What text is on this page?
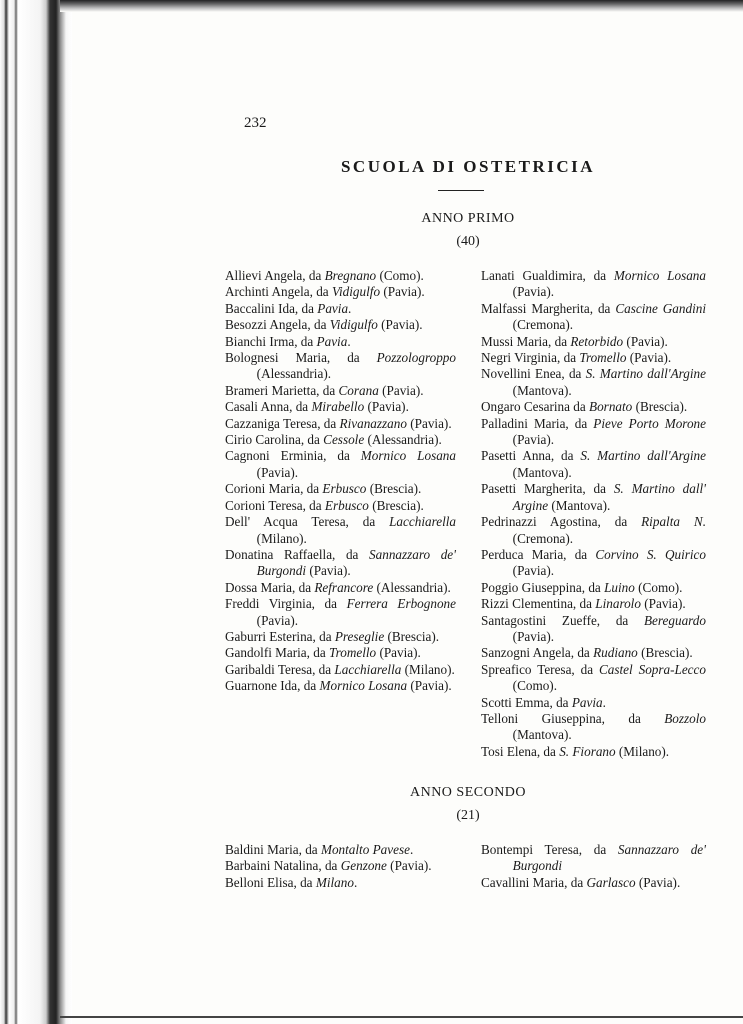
232
SCUOLA DI OSTETRICIA
ANNO PRIMO
(40)
Allievi Angela, da Bregnano (Como).
Archinti Angela, da Vidigulfo (Pavia).
Baccalini Ida, da Pavia.
Besozzi Angela, da Vidigulfo (Pavia).
Bianchi Irma, da Pavia.
Bolognesi Maria, da Pozzologroppo (Alessandria).
Brameri Marietta, da Corana (Pavia).
Casali Anna, da Mirabello (Pavia).
Cazzaniga Teresa, da Rivanazzano (Pavia).
Cirio Carolina, da Cessole (Alessandria).
Cagnoni Erminia, da Mornico Losana (Pavia).
Corioni Maria, da Erbusco (Brescia).
Corioni Teresa, da Erbusco (Brescia).
Dell' Acqua Teresa, da Lacchiarella (Milano).
Donatina Raffaella, da Sannazzaro de' Burgondi (Pavia).
Dossa Maria, da Refrancore (Alessandria).
Freddi Virginia, da Ferrera Erbognone (Pavia).
Gaburri Esterina, da Preseglie (Brescia).
Gandolfi Maria, da Tromello (Pavia).
Garibaldi Teresa, da Lacchiarella (Milano).
Guarnone Ida, da Mornico Losana (Pavia).
Lanati Gualdimira, da Mornico Losana (Pavia).
Malfassi Margherita, da Cascine Gandini (Cremona).
Mussi Maria, da Retorbido (Pavia).
Negri Virginia, da Tromello (Pavia).
Novellini Enea, da S. Martino dall'Argine (Mantova).
Ongaro Cesarina da Bornato (Brescia).
Palladini Maria, da Pieve Porto Morone (Pavia).
Pasetti Anna, da S. Martino dall'Argine (Mantova).
Pasetti Margherita, da S. Martino dall' Argine (Mantova).
Pedrinazzi Agostina, da Ripalta N. (Cremona).
Perduca Maria, da Corvino S. Quirico (Pavia).
Poggio Giuseppina, da Luino (Como).
Rizzi Clementina, da Linarolo (Pavia).
Santagostini Zueffe, da Bereguardo (Pavia).
Sanzogni Angela, da Rudiano (Brescia).
Spreafico Teresa, da Castel Sopra-Lecco (Como).
Scotti Emma, da Pavia.
Telloni Giuseppina, da Bozzolo (Mantova).
Tosi Elena, da S. Fiorano (Milano).
ANNO SECONDO
(21)
Baldini Maria, da Montalto Pavese.
Barbaini Natalina, da Genzone (Pavia).
Belloni Elisa, da Milano.
Bontempi Teresa, da Sannazzaro de' Burgondi
Cavallini Maria, da Garlasco (Pavia).
